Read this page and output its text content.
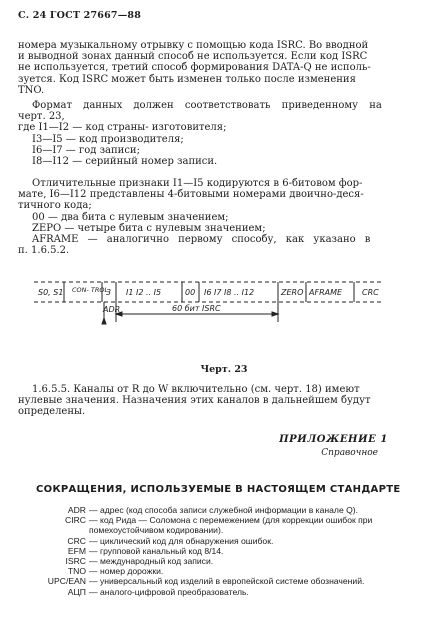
С. 24 ГОСТ 27667—88
номера музыкальному отрывку с помощью кода ISRC. Во вводной
и выводной зонах данный способ не используется. Если код ISRC
не используется, третий способ формирования DATA-Q не исполь-
зуется. Код ISRC может быть изменен только после изменения
TNO.
Формат данных должен соответствовать приведенному на
черт. 23,
где I1—I2 — код страны- изготовителя;
I3—I5 — код производителя;
I6—I7 — год записи;
I8—I12 — серийный номер записи.
Отличительные признаки I1—I5 кодируются в 6-битовом фор-
мате, I6—I12 представлены 4-битовыми номерами двоично-деся-
тичного кода;
00 — два бита с нулевым значением;
ZEPO — четыре бита с нулевым значением;
AFRAME — аналогично первому способу, как указано в
п. 1.6.5.2.
S0, S1 CON- TROL
3 I1 I2 .. I5	00 I6 I7 I8 .. I12	ZERO AFRAME CRC
ADR	60 бит ISRC
Черт. 23
1.6.5.5. Каналы от R до W включительно (см. черт. 18) имеют
нулевые значения. Назначения этих каналов в дальнейшем будут
определены.
ПРИЛОЖЕНИЕ 1
Справочное
СОКРАЩЕНИЯ, ИСПОЛЬЗУЕМЫЕ В НАСТОЯЩЕМ СТАНДАРТЕ
ADR — адрес (код способа записи служебной информации в канале Q).
CIRC — код Рида — Соломона с перемежением (для коррекции ошибок при
помехоустойчивом кодировании).
CRC — циклический код для обнаружения ошибок.
EFM — групповой канальный код 8/14.
ISRC — международный код записи.
TNO — номер дорожки.
UPC/EAN — универсальный код изделий в европейской системе обозначений.
АЦП — аналого-цифровой преобразователь.
